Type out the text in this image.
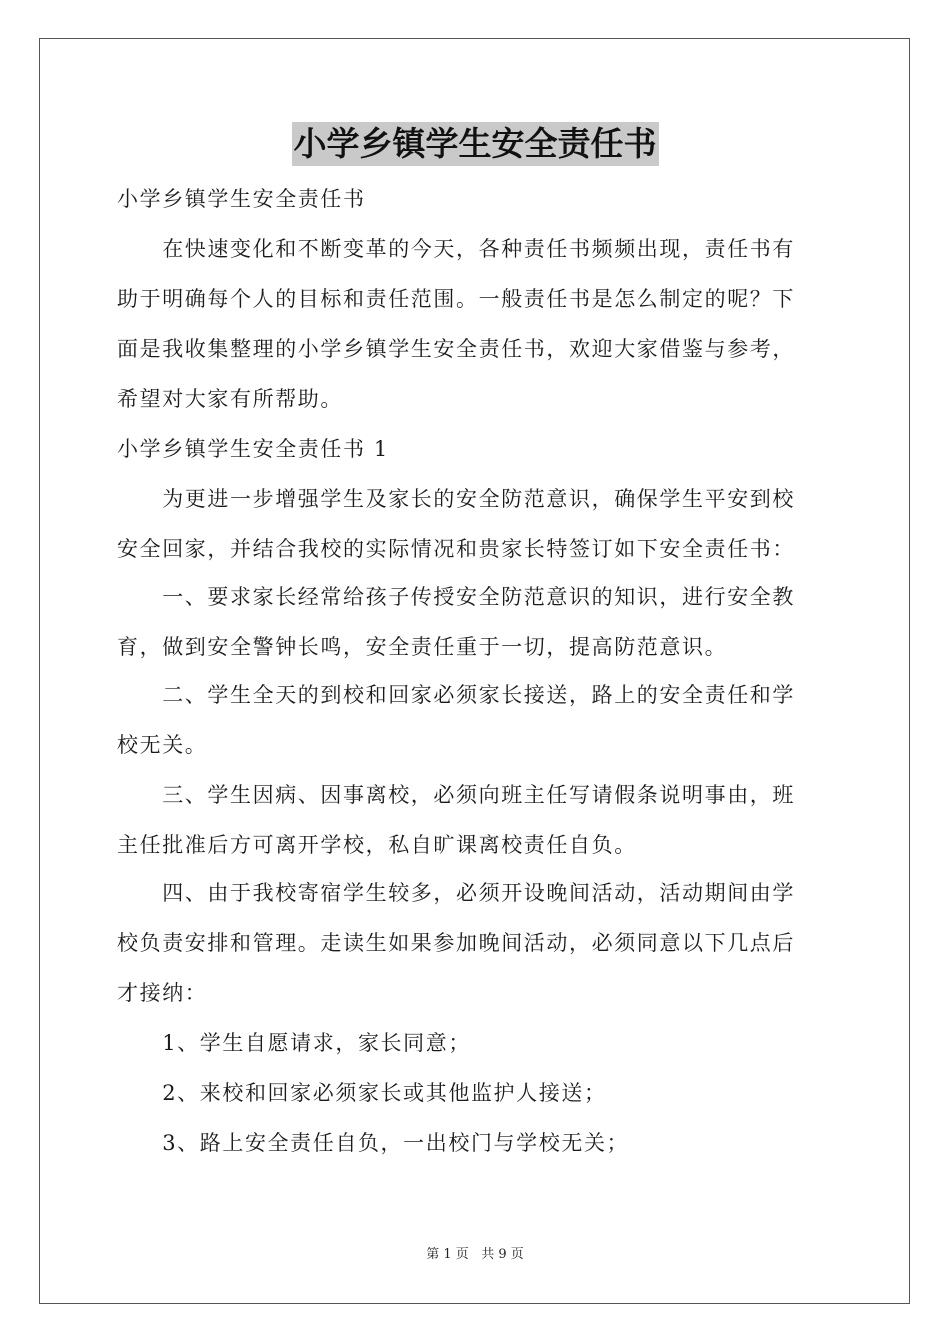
小学乡镇学生安全责任书
小学乡镇学生安全责任书
　　在快速变化和不断变革的今天，各种责任书频频出现，责任书有
助于明确每个人的目标和责任范围。一般责任书是怎么制定的呢？下
面是我收集整理的小学乡镇学生安全责任书，欢迎大家借鉴与参考，
希望对大家有所帮助。
小学乡镇学生安全责任书 1
　　为更进一步增强学生及家长的安全防范意识，确保学生平安到校
安全回家，并结合我校的实际情况和贵家长特签订如下安全责任书：
　　一、要求家长经常给孩子传授安全防范意识的知识，进行安全教
育，做到安全警钟长鸣，安全责任重于一切，提高防范意识。
　　二、学生全天的到校和回家必须家长接送，路上的安全责任和学
校无关。
　　三、学生因病、因事离校，必须向班主任写请假条说明事由，班
主任批准后方可离开学校，私自旷课离校责任自负。
　　四、由于我校寄宿学生较多，必须开设晚间活动，活动期间由学
校负责安排和管理。走读生如果参加晚间活动，必须同意以下几点后
才接纳：
　　1、学生自愿请求，家长同意；
　　2、来校和回家必须家长或其他监护人接送；
　　3、路上安全责任自负，一出校门与学校无关；
第 1 页 共 9 页
